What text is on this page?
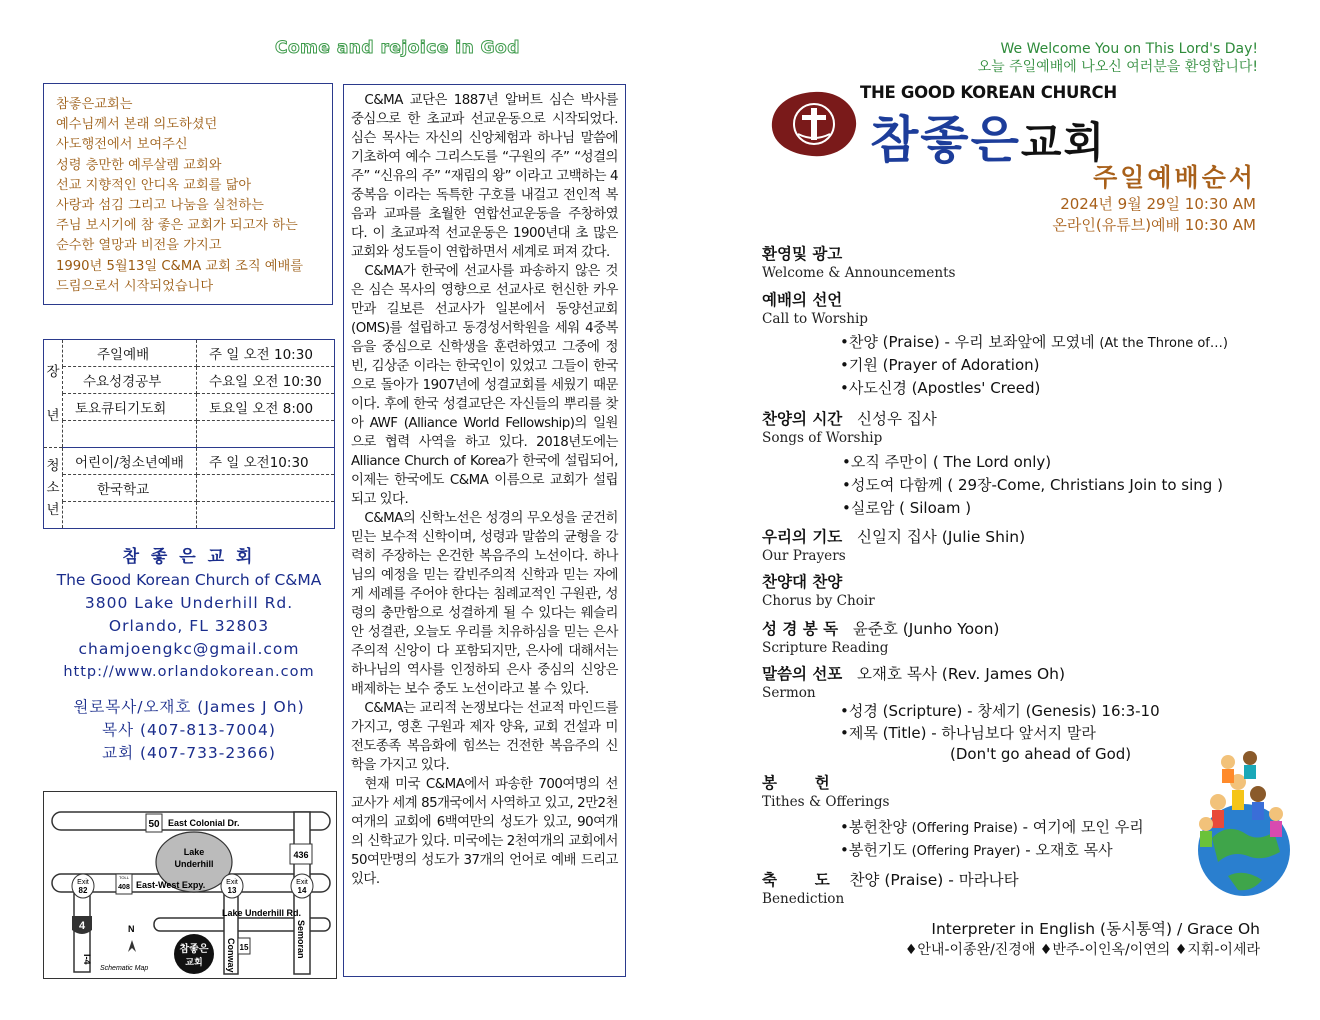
Come and rejoice in God
참좋은교회는
예수님께서 본래 의도하셨던
사도행전에서 보여주신
성령 충만한 예루살렘 교회와
선교 지향적인 안디옥 교회를 닮아
사랑과 섬김 그리고 나눔을 실천하는
주님 보시기에 참 좋은 교회가 되고자 하는
순수한 열망과 비전을 가지고
1990년 5월13일 C&MA 교회 조직 예배를
드림으로서 시작되었습니다
장
년	주일예배	주 일 오전 10:30
	수요성경공부	수요일 오전 10:30
	토요큐티기도회	토요일 오전 8:00

청
소
년	어린이/청소년예배	주 일 오전10:30
	한국학교	

참 좋 은 교 회
The Good Korean Church of C&MA
3800 Lake Underhill Rd.
Orlando, FL 32803
chamjoengkc@gmail.com
http://www.orlandokorean.com
원로목사/오재호 (James J Oh)
목사 (407-813-7004)
교회 (407-733-2366)
Lake
Underhill
50 East Colonial Dr.
436
Exit
82
TOLL
408 East-West Expy.	Exit
13
Exit
14
Lake Underhill Rd.
4
I-4
N
Schematic Map
참좋은
교회	Conway 15	Semoran

C&MA 교단은 1887년 알버트 심슨 박사를 중심으로 한 초교파 선교운동으로 시작되었다. 심슨 목사는 자신의 신앙체험과 하나님 말씀에 기초하여 예수 그리스도를 “구원의 주” “성결의 주” “신유의 주” “재림의 왕” 이라고 고백하는 4중복음 이라는 독특한 구호를 내걸고 전인적 복음과 교파를 초월한 연합선교운동을 주창하였다. 이 초교파적 선교운동은 1900년대 초 많은 교회와 성도들이 연합하면서 세계로 퍼져 갔다.

C&MA가 한국에 선교사를 파송하지 않은 것은 심슨 목사의 영향으로 선교사로 헌신한 카우만과 길보른 선교사가 일본에서 동양선교회(OMS)를 설립하고 동경성서학원을 세워 4중복음을 중심으로 신학생을 훈련하였고 그중에 정빈, 김상준 이라는 한국인이 있었고 그들이 한국으로 돌아가 1907년에 성결교회를 세웠기 때문이다. 후에 한국 성결교단은 자신들의 뿌리를 찾아 AWF (Alliance World Fellowship)의 일원으로 협력 사역을 하고 있다. 2018년도에는 Alliance Church of Korea가 한국에 설립되어, 이제는 한국에도 C&MA 이름으로 교회가 설립되고 있다.

C&MA의 신학노선은 성경의 무오성을 굳건히 믿는 보수적 신학이며, 성령과 말씀의 균형을 강력히 주장하는 온건한 복음주의 노선이다. 하나님의 예정을 믿는 칼빈주의적 신학과 믿는 자에게 세례를 주어야 한다는 침례교적인 구원관, 성령의 충만함으로 성결하게 될 수 있다는 웨슬리안 성결관, 오늘도 우리를 치유하심을 믿는 은사주의적 신앙이 다 포함되지만, 은사에 대해서는 하나님의 역사를 인정하되 은사 중심의 신앙은 배제하는 보수 중도 노선이라고 볼 수 있다.

C&MA는 교리적 논쟁보다는 선교적 마인드를 가지고, 영혼 구원과 제자 양육, 교회 건설과 미전도종족 복음화에 힘쓰는 건전한 복음주의 신학을 가지고 있다.

현재 미국 C&MA에서 파송한 700여명의 선교사가 세계 85개국에서 사역하고 있고, 2만2천여개의 교회에 6백여만의 성도가 있고, 90여개의 신학교가 있다. 미국에는 2천여개의 교회에서 50여만명의 성도가 37개의 언어로 예배 드리고 있다.

We Welcome You on This Lord's Day!
오늘 주일예배에 나오신 여러분을 환영합니다!
THE GOOD KOREAN CHURCH
참좋은교회
주일예배순서
2024년 9월 29일 10:30 AM
온라인(유튜브)예배 10:30 AM
환영및 광고
Welcome & Announcements
예배의 선언
Call to Worship
•찬양 (Praise) - 우리 보좌앞에 모였네 (At the Throne of…)
•기원 (Prayer of Adoration)
•사도신경 (Apostles' Creed)
찬양의 시간 신성우 집사
Songs of Worship
•오직 주만이 ( The Lord only)
•성도여 다함께 ( 29장-Come, Christians Join to sing )
•실로암 ( Siloam )
우리의 기도 신일지 집사 (Julie Shin)
Our Prayers
찬양대 찬양
Chorus by Choir
성 경 봉 독 윤준호 (Junho Yoon)
Scripture Reading
말씀의 선포 오재호 목사 (Rev. James Oh)
Sermon
•성경 (Scripture) - 창세기 (Genesis) 16:3-10
•제목 (Title) - 하나님보다 앞서지 말라
(Don't go ahead of God)
봉       헌
Tithes & Offerings
•봉헌찬양 (Offering Praise) - 여기에 모인 우리
•봉헌기도 (Offering Prayer) - 오재호 목사
축       도 찬양 (Praise) - 마라나타
Benediction
Interpreter in English (동시통역) / Grace Oh
♦안내-이종완/진경애 ♦반주-이인옥/이연의 ♦지휘-이세라
